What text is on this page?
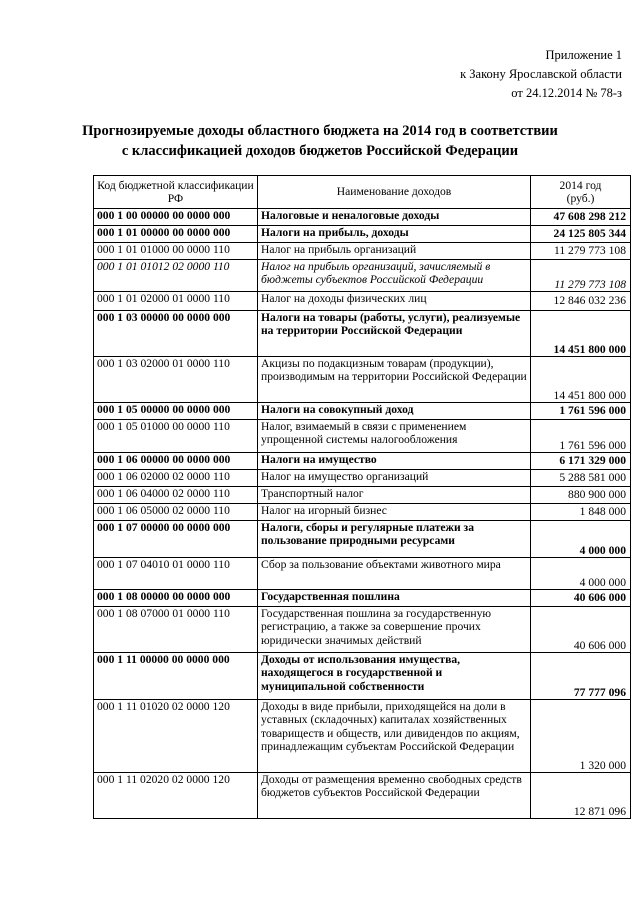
Приложение 1
к Закону Ярославской области
от 24.12.2014 № 78-з
Прогнозируемые доходы областного бюджета на 2014 год в соответствии
с классификацией доходов бюджетов Российской Федерации
Код бюджетной классификации РФ	Наименование доходов	2014 год
(руб.)

000 1 00 00000 00 0000 000	Налоговые и неналоговые доходы	47 608 298 212
000 1 01 00000 00 0000 000	Налоги на прибыль, доходы	24 125 805 344
000 1 01 01000 00 0000 110	Налог на прибыль организаций	11 279 773 108
000 1 01 01012 02 0000 110	Налог на прибыль организаций, зачисляемый в бюджеты субъектов Российской Федерации	11 279 773 108
000 1 01 02000 01 0000 110	Налог на доходы физических лиц	12 846 032 236
000 1 03 00000 00 0000 000	Налоги на товары (работы, услуги), реализуемые на территории Российской Федерации	14 451 800 000
000 1 03 02000 01 0000 110	Акцизы по подакцизным товарам (продукции), производимым на территории Российской Федерации	14 451 800 000
000 1 05 00000 00 0000 000	Налоги на совокупный доход	1 761 596 000
000 1 05 01000 00 0000 110	Налог, взимаемый в связи с применением упрощенной системы налогообложения	1 761 596 000
000 1 06 00000 00 0000 000	Налоги на имущество	6 171 329 000
000 1 06 02000 02 0000 110	Налог на имущество организаций	5 288 581 000
000 1 06 04000 02 0000 110	Транспортный налог	880 900 000
000 1 06 05000 02 0000 110	Налог на игорный бизнес	1 848 000
000 1 07 00000 00 0000 000	Налоги, сборы и регулярные платежи за пользование природными ресурсами	4 000 000
000 1 07 04010 01 0000 110	Сбор за пользование объектами животного мира	4 000 000
000 1 08 00000 00 0000 000	Государственная пошлина	40 606 000
000 1 08 07000 01 0000 110	Государственная пошлина за государственную регистрацию, а также за совершение прочих юридически значимых действий	40 606 000
000 1 11 00000 00 0000 000	Доходы от использования имущества, находящегося в государственной и муниципальной собственности	77 777 096
000 1 11 01020 02 0000 120	Доходы в виде прибыли, приходящейся на доли в уставных (складочных) капиталах хозяйственных товариществ и обществ, или дивидендов по акциям, принадлежащим субъектам Российской Федерации	1 320 000
000 1 11 02020 02 0000 120	Доходы от размещения временно свободных средств бюджетов субъектов Российской Федерации	12 871 096
